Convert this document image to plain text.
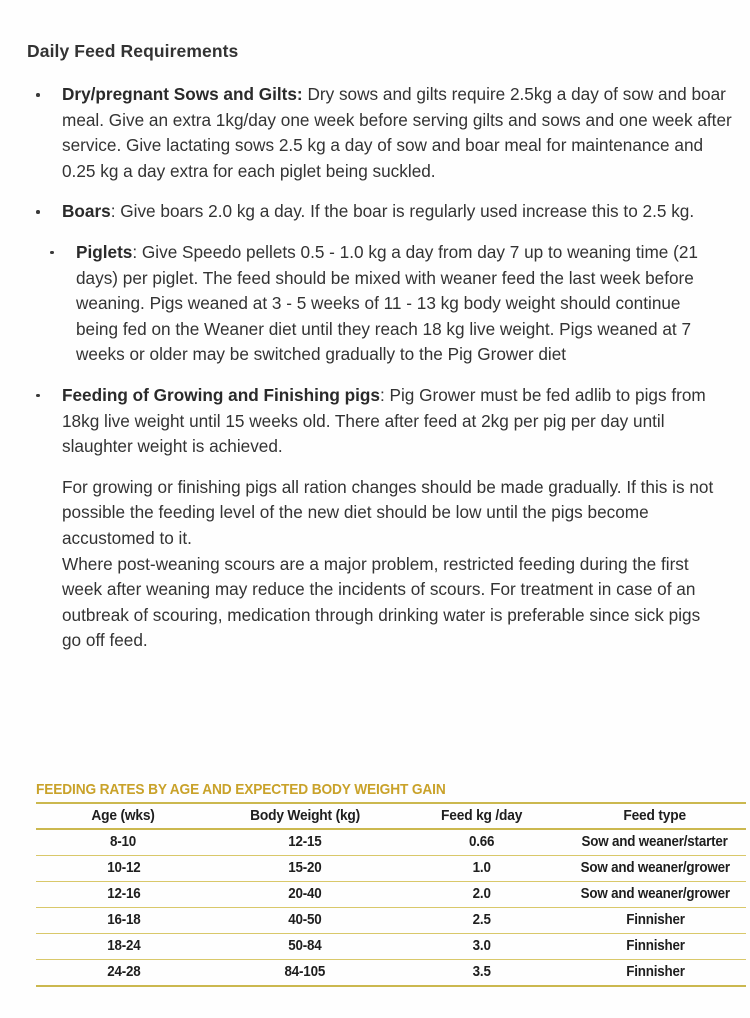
Daily Feed Requirements
Dry/pregnant Sows and Gilts: Dry sows and gilts require 2.5kg a day of sow and boar meal. Give an extra 1kg/day one week before serving gilts and sows and one week after service. Give lactating sows 2.5 kg a day of sow and boar meal for maintenance and 0.25 kg a day extra for each piglet being suckled.
Boars: Give boars 2.0 kg a day. If the boar is regularly used increase this to 2.5 kg.
Piglets: Give Speedo pellets 0.5 - 1.0 kg a day from day 7 up to weaning time (21 days) per piglet. The feed should be mixed with weaner feed the last week before weaning. Pigs weaned at 3 - 5 weeks of 11 - 13 kg body weight should continue being fed on the Weaner diet until they reach 18 kg live weight. Pigs weaned at 7 weeks or older may be switched gradually to the Pig Grower diet
Feeding of Growing and Finishing pigs: Pig Grower must be fed adlib to pigs from 18kg live weight until 15 weeks old. There after feed at 2kg per pig per day until slaughter weight is achieved.

For growing or finishing pigs all ration changes should be made gradually. If this is not possible the feeding level of the new diet should be low until the pigs become accustomed to it.

Where post-weaning scours are a major problem, restricted feeding during the first week after weaning may reduce the incidents of scours. For treatment in case of an outbreak of scouring, medication through drinking water is preferable since sick pigs go off feed.

FEEDING RATES BY AGE AND EXPECTED BODY WEIGHT GAIN
Age (wks)	Body Weight (kg)	Feed kg /day	Feed type
8-10	12-15	0.66	Sow and weaner/starter
10-12	15-20	1.0	Sow and weaner/grower
12-16	20-40	2.0	Sow and weaner/grower
16-18	40-50	2.5	Finnisher
18-24	50-84	3.0	Finnisher
24-28	84-105	3.5	Finnisher
